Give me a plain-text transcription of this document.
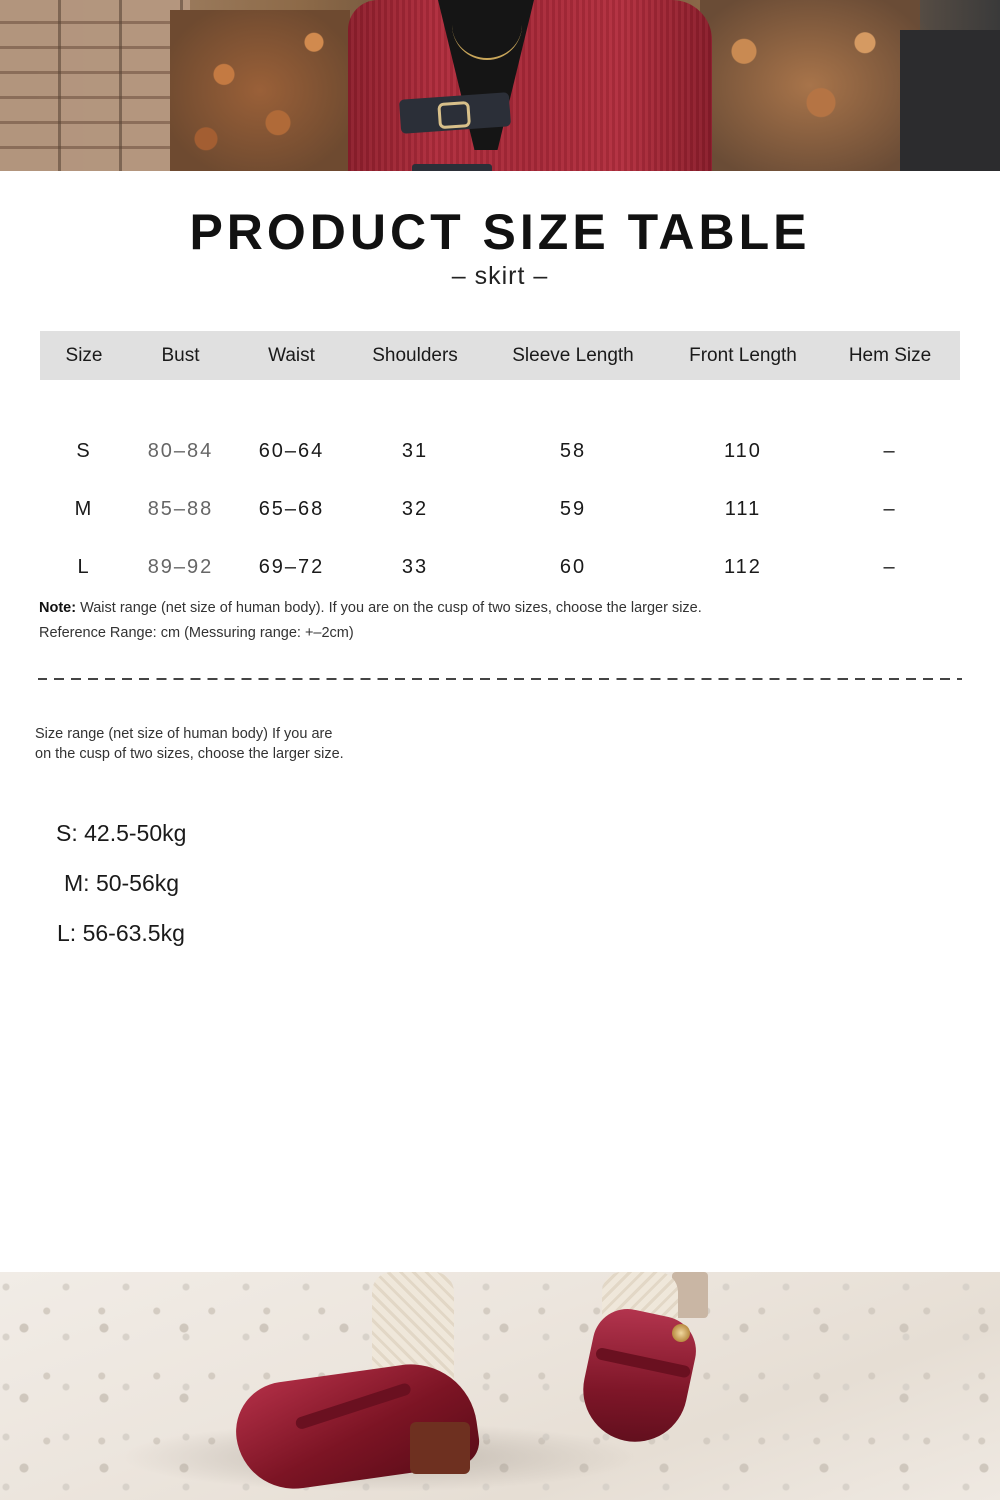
PRODUCT SIZE TABLE
– skirt –
Size	Bust	Waist	Shoulders	Sleeve Length	Front Length	Hem Size
S	80–84	60–64	31	58	110	–
M	85–88	65–68	32	59	111	–
L	89–92	69–72	33	60	112	–
Note: Waist range (net size of human body). If you are on the cusp of two sizes, choose the larger size.
Reference Range: cm (Messuring range: +–2cm)
Size range (net size of human body) If you are
on the cusp of two sizes, choose the larger size.
S: 42.5-50kg
M: 50-56kg
L: 56-63.5kg
